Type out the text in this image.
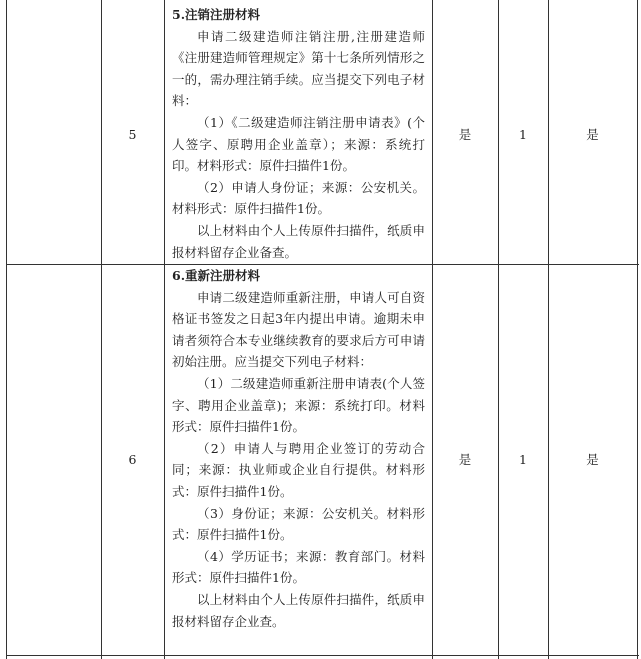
5

5.注销注册材料

申请二级建造师注销注册,注册建造师《注册建造师管理规定》第十七条所列情形之一的，需办理注销手续。应当提交下列电子材料：

（1）《二级建造师注销注册申请表》(个人签字、原聘用企业盖章）；来源：系统打印。材料形式：原件扫描件1份。

（2）申请人身份证；来源：公安机关。材料形式：原件扫描件1份。

以上材料由个人上传原件扫描件，纸质申报材料留存企业备查。

是	1	是
6

6.重新注册材料

申请二级建造师重新注册，申请人可自资格证书签发之日起3年内提出申请。逾期未申请者须符合本专业继续教育的要求后方可申请初始注册。应当提交下列电子材料：

（1）二级建造师重新注册申请表(个人签字、聘用企业盖章)；来源：系统打印。材料形式：原件扫描件1份。

（2）申请人与聘用企业签订的劳动合同；来源：执业师或企业自行提供。材料形式：原件扫描件1份。

（3）身份证；来源：公安机关。材料形式：原件扫描件1份。

（4）学历证书；来源：教育部门。材料形式：原件扫描件1份。

以上材料由个人上传原件扫描件，纸质申报材料留存企业查。

是	1	是
